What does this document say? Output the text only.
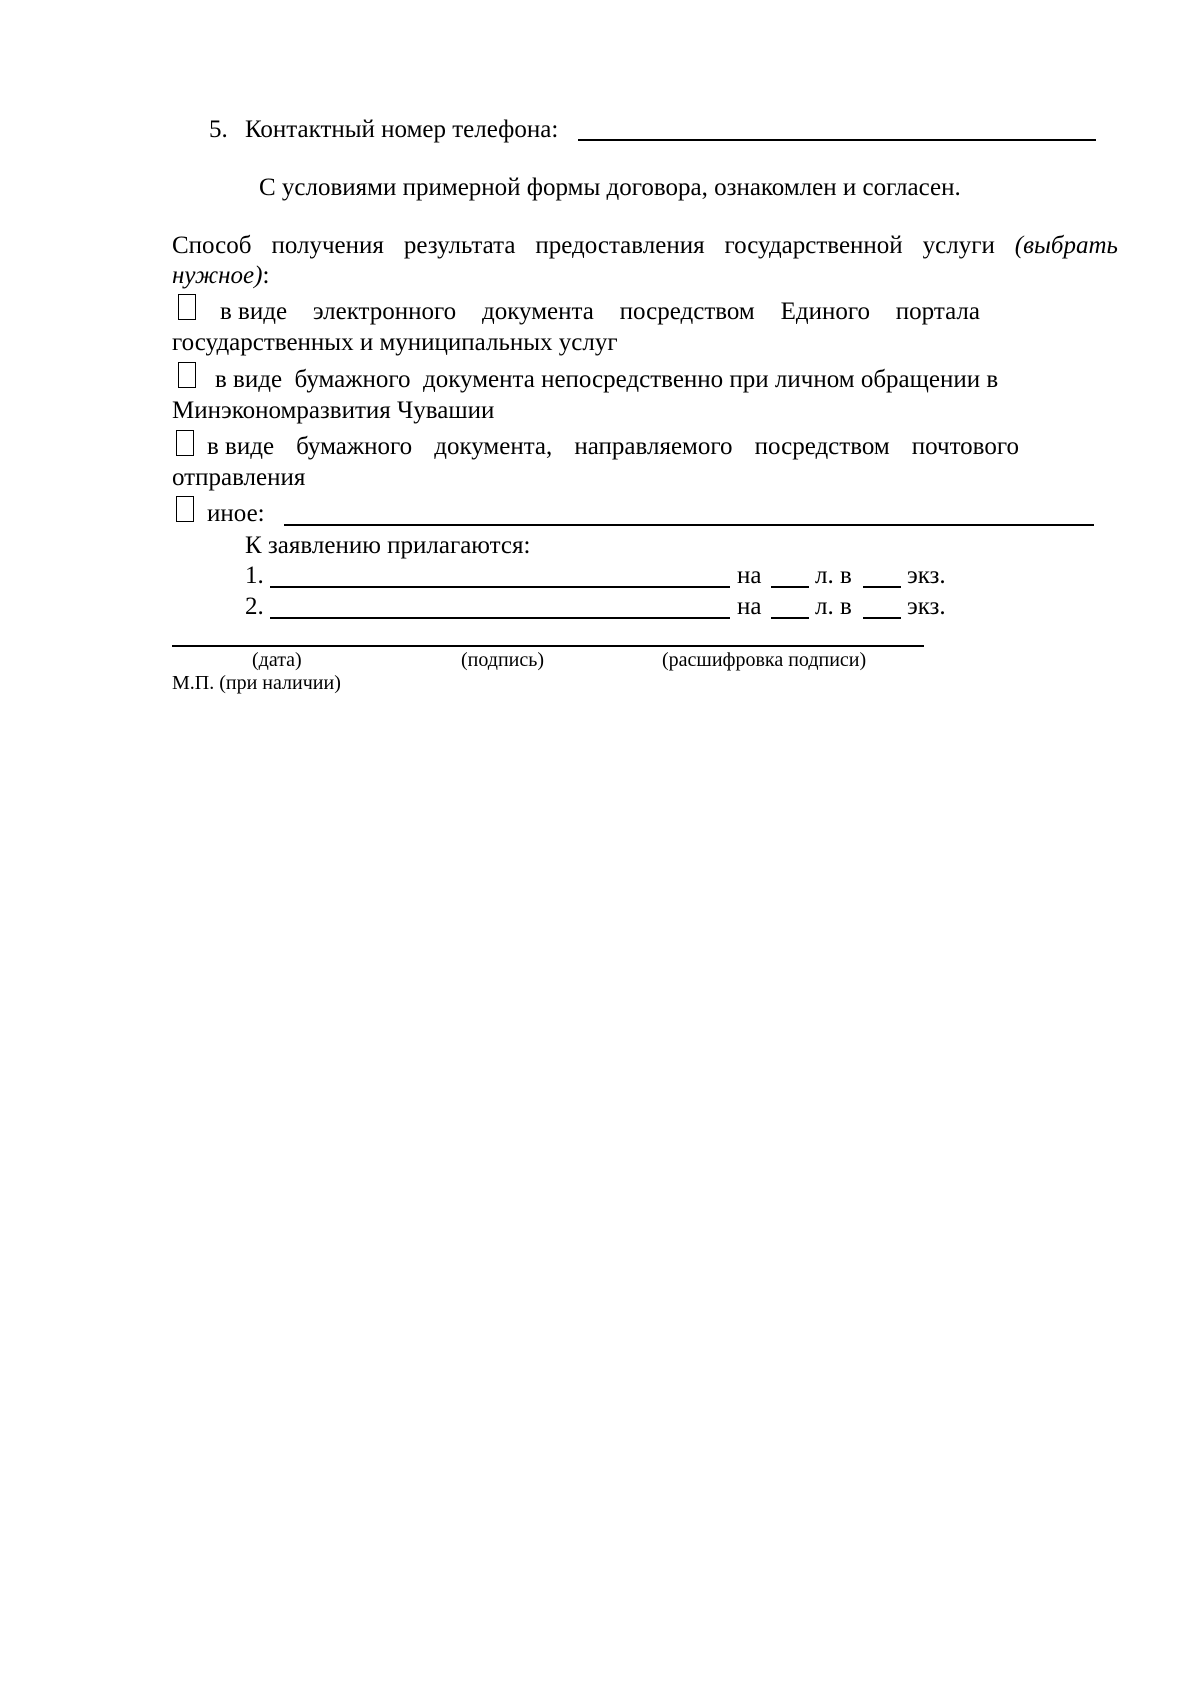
5. Контактный номер телефона:
С условиями примерной формы договора, ознакомлен и согласен.
Способ получения результата предоставления государственной услуги (выбрать
нужное):
в виде электронного документа посредством Единого портала
государственных и муниципальных услуг
в виде  бумажного  документа непосредственно при личном обращении в
Минэкономразвития Чувашии
в виде бумажного документа, направляемого посредством почтового
отправления
иное:
К заявлению прилагаются:
1.	на л. в экз.
2.	на л. в экз.
(дата)	(подпись)	(расшифровка подписи)
М.П. (при наличии)
